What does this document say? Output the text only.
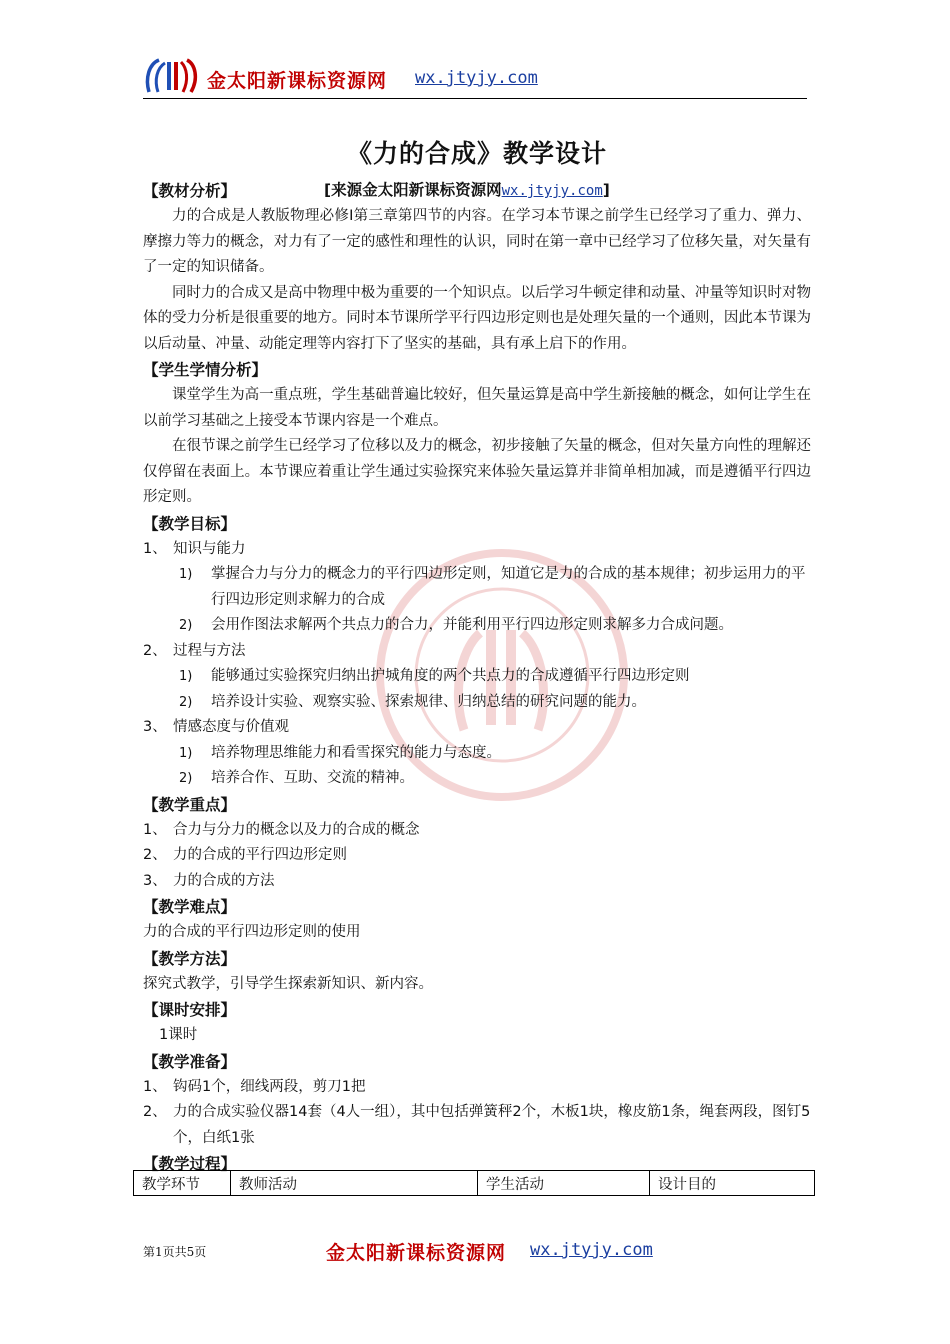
金太阳新课标资源网 wx.jtyjy.com
《力的合成》教学设计
【教材分析】	[来源金太阳新课标资源网wx.jtyjy.com]

力的合成是人教版物理必修Ⅰ第三章第四节的内容。在学习本节课之前学生已经学习了重力、弹力、摩擦力等力的概念，对力有了一定的感性和理性的认识，同时在第一章中已经学习了位移矢量，对矢量有了一定的知识储备。

同时力的合成又是高中物理中极为重要的一个知识点。以后学习牛顿定律和动量、冲量等知识时对物体的受力分析是很重要的地方。同时本节课所学平行四边形定则也是处理矢量的一个通则，因此本节课为以后动量、冲量、动能定理等内容打下了坚实的基础，具有承上启下的作用。

【学生学情分析】

课堂学生为高一重点班，学生基础普遍比较好，但矢量运算是高中学生新接触的概念，如何让学生在以前学习基础之上接受本节课内容是一个难点。

在很节课之前学生已经学习了位移以及力的概念，初步接触了矢量的概念，但对矢量方向性的理解还仅停留在表面上。本节课应着重让学生通过实验探究来体验矢量运算并非简单相加减，而是遵循平行四边形定则。

【教学目标】

1、 知识与能力
1)	掌握合力与分力的概念力的平行四边形定则，知道它是力的合成的基本规律；初步运用力的平行四边形定则求解力的合成
2)	会用作图法求解两个共点力的合力，并能利用平行四边形定则求解多力合成问题。
2、 过程与方法
1)	能够通过实验探究归纳出护城角度的两个共点力的合成遵循平行四边形定则
2)	培养设计实验、观察实验、探索规律、归纳总结的研究问题的能力。
3、 情感态度与价值观
1)	培养物理思维能力和看雪探究的能力与态度。
2)	培养合作、互助、交流的精神。

【教学重点】

1、 合力与分力的概念以及力的合成的概念
2、 力的合成的平行四边形定则
3、 力的合成的方法

【教学难点】

力的合成的平行四边形定则的使用

【教学方法】

探究式教学，引导学生探索新知识、新内容。

【课时安排】

1课时

【教学准备】

1、 钩码1个，细线两段，剪刀1把
2、 力的合成实验仪器14套（4人一组），其中包括弹簧秤2个，木板1块，橡皮筋1条，绳套两段，图钉5个，白纸1张

【教学过程】

教学环节	教师活动	学生活动	设计目的
第1页共5页	金太阳新课标资源网 wx.jtyjy.com
